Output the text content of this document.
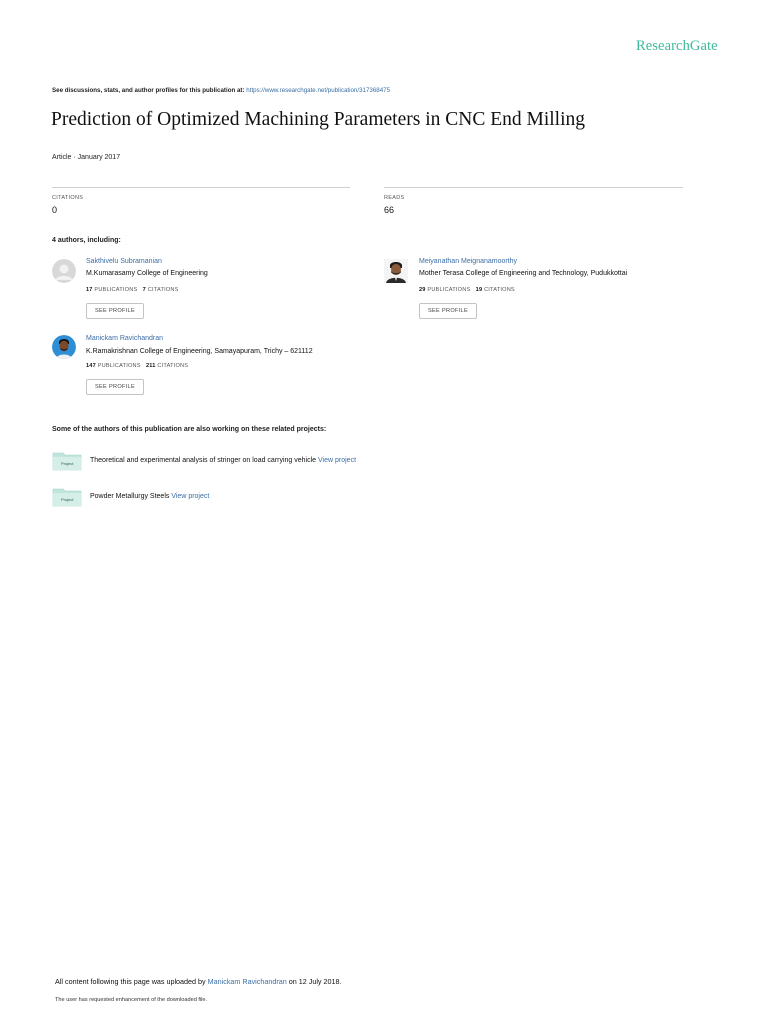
ResearchGate
See discussions, stats, and author profiles for this publication at: https://www.researchgate.net/publication/317368475
Prediction of Optimized Machining Parameters in CNC End Milling
Article · January 2017
CITATIONS
0
READS
66
4 authors, including:
Sakthivelu Subramanian
M.Kumarasamy College of Engineering
17 PUBLICATIONS 7 CITATIONS
SEE PROFILE
Meiyanathan Meignanamoorthy
Mother Terasa College of Engineering and Technology, Pudukkottai
29 PUBLICATIONS 19 CITATIONS
SEE PROFILE
Manickam Ravichandran
K.Ramakrishnan College of Engineering, Samayapuram, Trichy – 621112
147 PUBLICATIONS 211 CITATIONS
SEE PROFILE
Some of the authors of this publication are also working on these related projects:
Project Theoretical and experimental analysis of stringer on load carrying vehicle View project
Project Powder Metallurgy Steels View project
All content following this page was uploaded by Manickam Ravichandran on 12 July 2018.
The user has requested enhancement of the downloaded file.
